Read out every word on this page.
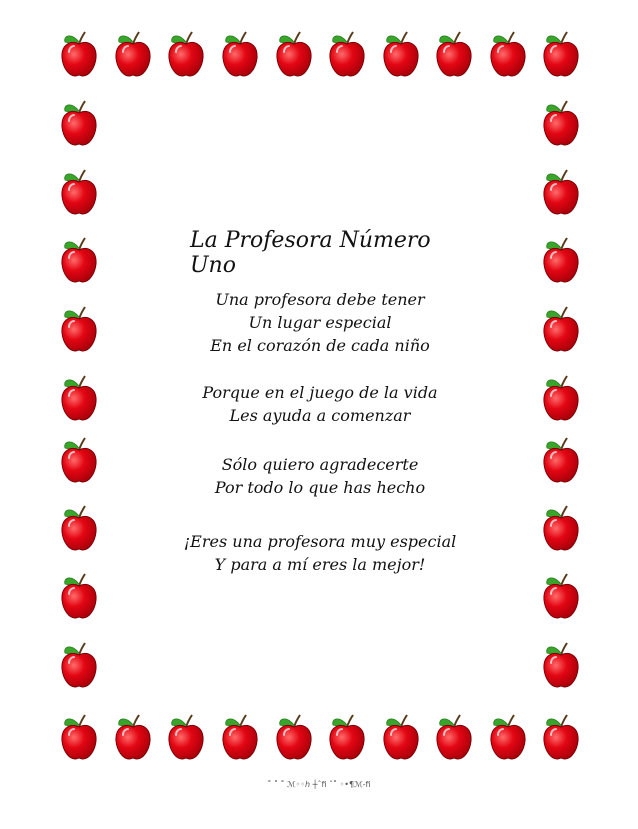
La Profesora Número Uno
Una profesora debe tener
Un lugar especial
En el corazón de cada niño
Porque en el juego de la vida
Les ayuda a comenzar
Sólo quiero agradecerte
Por todo lo que has hecho
¡Eres una profesora muy especial
Y para a mí eres la mejor!
˚ ˚ ˚ ℳ◦◦ℎ ┼ˆfi ˆ˚ ◦•¶ℳ-fi
